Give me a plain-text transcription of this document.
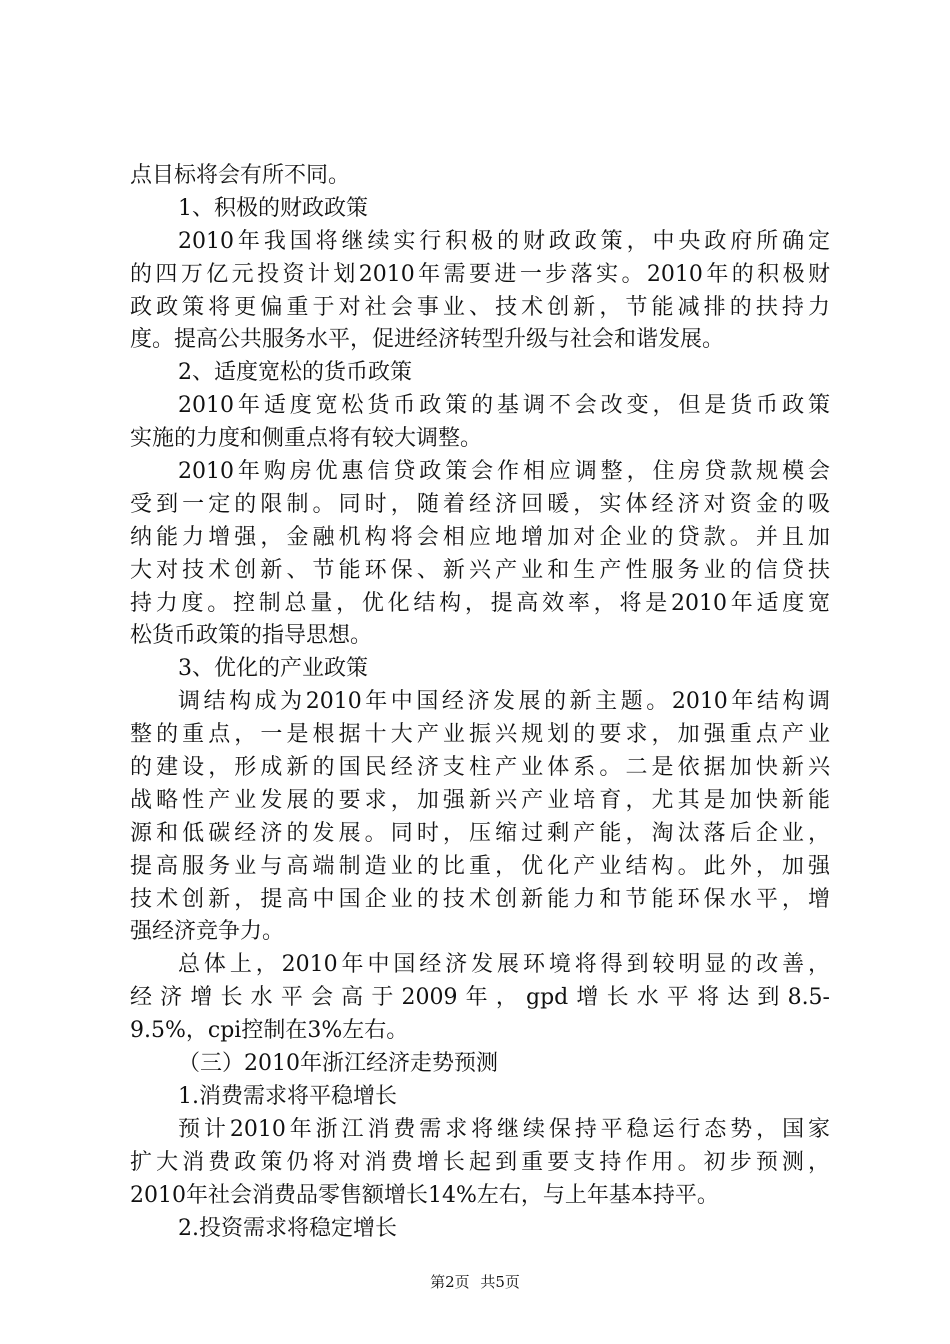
点目标将会有所不同。
1、积极的财政政策
2010年我国将继续实行积极的财政政策，中央政府所确定
的四万亿元投资计划2010年需要进一步落实。2010年的积极财
政政策将更偏重于对社会事业、技术创新，节能减排的扶持力
度。提高公共服务水平，促进经济转型升级与社会和谐发展。
2、适度宽松的货币政策
2010年适度宽松货币政策的基调不会改变，但是货币政策
实施的力度和侧重点将有较大调整。
2010年购房优惠信贷政策会作相应调整，住房贷款规模会
受到一定的限制。同时，随着经济回暖，实体经济对资金的吸
纳能力增强，金融机构将会相应地增加对企业的贷款。并且加
大对技术创新、节能环保、新兴产业和生产性服务业的信贷扶
持力度。控制总量，优化结构，提高效率，将是2010年适度宽
松货币政策的指导思想。
3、优化的产业政策
调结构成为2010年中国经济发展的新主题。2010年结构调
整的重点，一是根据十大产业振兴规划的要求，加强重点产业
的建设，形成新的国民经济支柱产业体系。二是依据加快新兴
战略性产业发展的要求，加强新兴产业培育，尤其是加快新能
源和低碳经济的发展。同时，压缩过剩产能，淘汰落后企业，
提高服务业与高端制造业的比重，优化产业结构。此外，加强
技术创新，提高中国企业的技术创新能力和节能环保水平，增
强经济竞争力。
总体上，2010年中国经济发展环境将得到较明显的改善，
经济增长水平会高于2009年，gpd增长水平将达到8.5-
9.5%，cpi控制在3%左右。
（三）2010年浙江经济走势预测
1.消费需求将平稳增长
预计2010年浙江消费需求将继续保持平稳运行态势，国家
扩大消费政策仍将对消费增长起到重要支持作用。初步预测，
2010年社会消费品零售额增长14%左右，与上年基本持平。
2.投资需求将稳定增长
第2页 共5页
